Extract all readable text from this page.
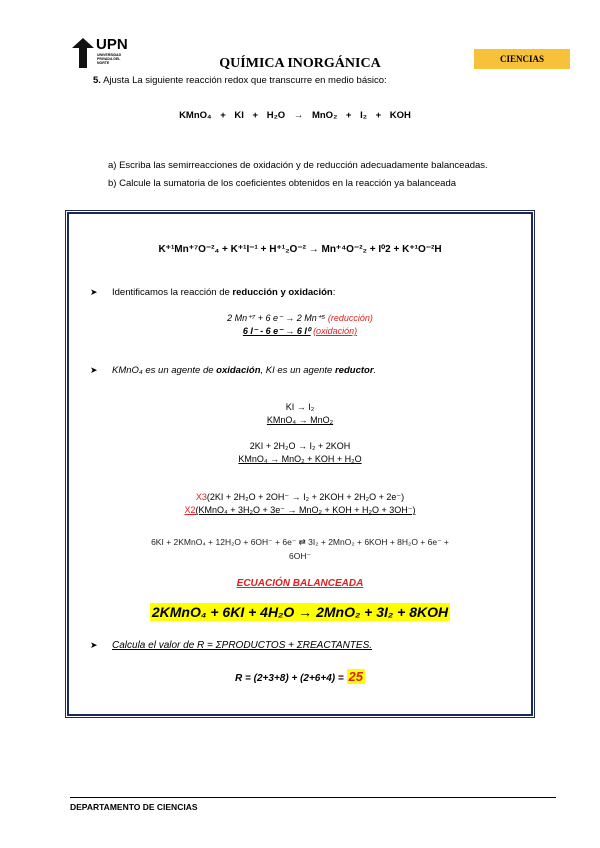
UPN
UNIVERSIDAD PRIVADA DEL NORTE	QUÍMICA INORGÁNICA	CIENCIAS
5. Ajusta La siguiente reacción redox que transcurre en medio básico:
KMnO₄ + KI + H₂O → MnO₂ + I₂ + KOH
a) Escriba las semirreacciones de oxidación y de reducción adecuadamente balanceadas.
b) Calcule la sumatoria de los coeficientes obtenidos en la reacción ya balanceada
K⁺¹Mn⁺⁷O⁻²₄ + K⁺¹I⁻¹ + H⁺¹₂O⁻² → Mn⁺⁴O⁻²₂ + I⁰2 + K⁺¹O⁻²H
➤ Identificamos la reacción de reducción y oxidación:
2 Mn⁺⁷ + 6 e⁻ → 2 Mn⁺⁵ (reducción)
6 I⁻ - 6 e⁻ → 6 I⁰ (oxidación)
➤ KMnO₄ es un agente de oxidación, KI es un agente reductor.
KI → I₂
KMnO₄ → MnO₂
2KI + 2H₂O → I₂ + 2KOH
KMnO₄ → MnO₂ + KOH + H₂O
X3(2KI + 2H₂O + 2OH⁻ → I₂ + 2KOH + 2H₂O + 2e⁻)
X2(KMnO₄ + 3H₂O + 3e⁻ → MnO₂ + KOH + H₂O + 3OH⁻)
6KI + 2KMnO₄ + 12H₂O + 6OH⁻ + 6e⁻ ⇄ 3I₂ + 2MnO₂ + 6KOH + 8H₂O + 6e⁻ +
6OH⁻
ECUACIÓN BALANCEADA
2KMnO₄ + 6KI + 4H₂O → 2MnO₂ + 3I₂ + 8KOH
➤ Calcula el valor de R = ΣPRODUCTOS + ΣREACTANTES.
R = (2+3+8) + (2+6+4) = 25
DEPARTAMENTO DE CIENCIAS
